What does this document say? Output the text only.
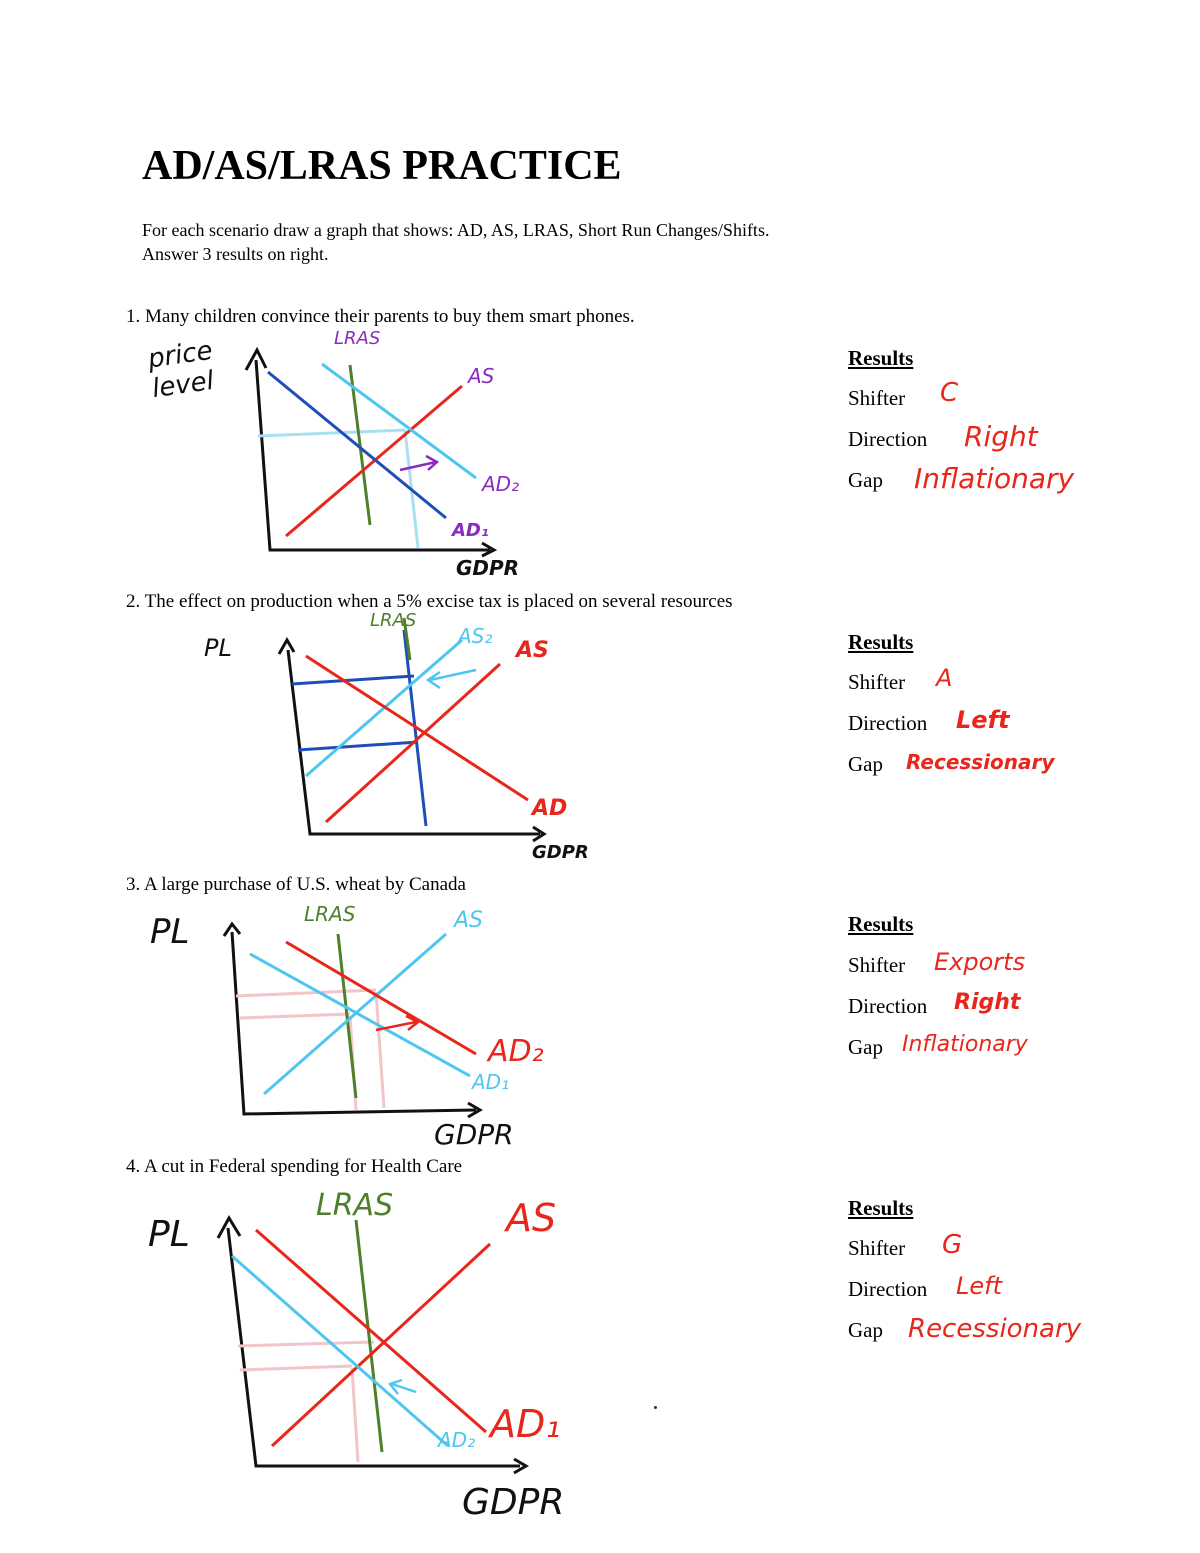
AD/AS/LRAS PRACTICE
For each scenario draw a graph that shows: AD, AS, LRAS, Short Run Changes/Shifts.
Answer 3 results on right.
1. Many children convince their parents to buy them smart phones.
price
level
GDPR
LRAS
AS
AD₂
AD₁
Results
Shifter
Direction
Gap
C
Right
Inflationary
2. The effect on production when a 5% excise tax is placed on several resources
PL
GDPR
LRAS
AS₂
AS
AD
Results
Shifter
Direction
Gap
A
Left
Recessionary
3. A large purchase of U.S. wheat by Canada
PL
GDPR
LRAS	AS
AD₂
AD₁
Results
Shifter
Direction
Gap
Exports
Right
Inflationary
4. A cut in Federal spending for Health Care
PL
GDPR
LRAS	AS
AD₁
AD₂
Results
Shifter
Direction
Gap
G
Left
Recessionary
